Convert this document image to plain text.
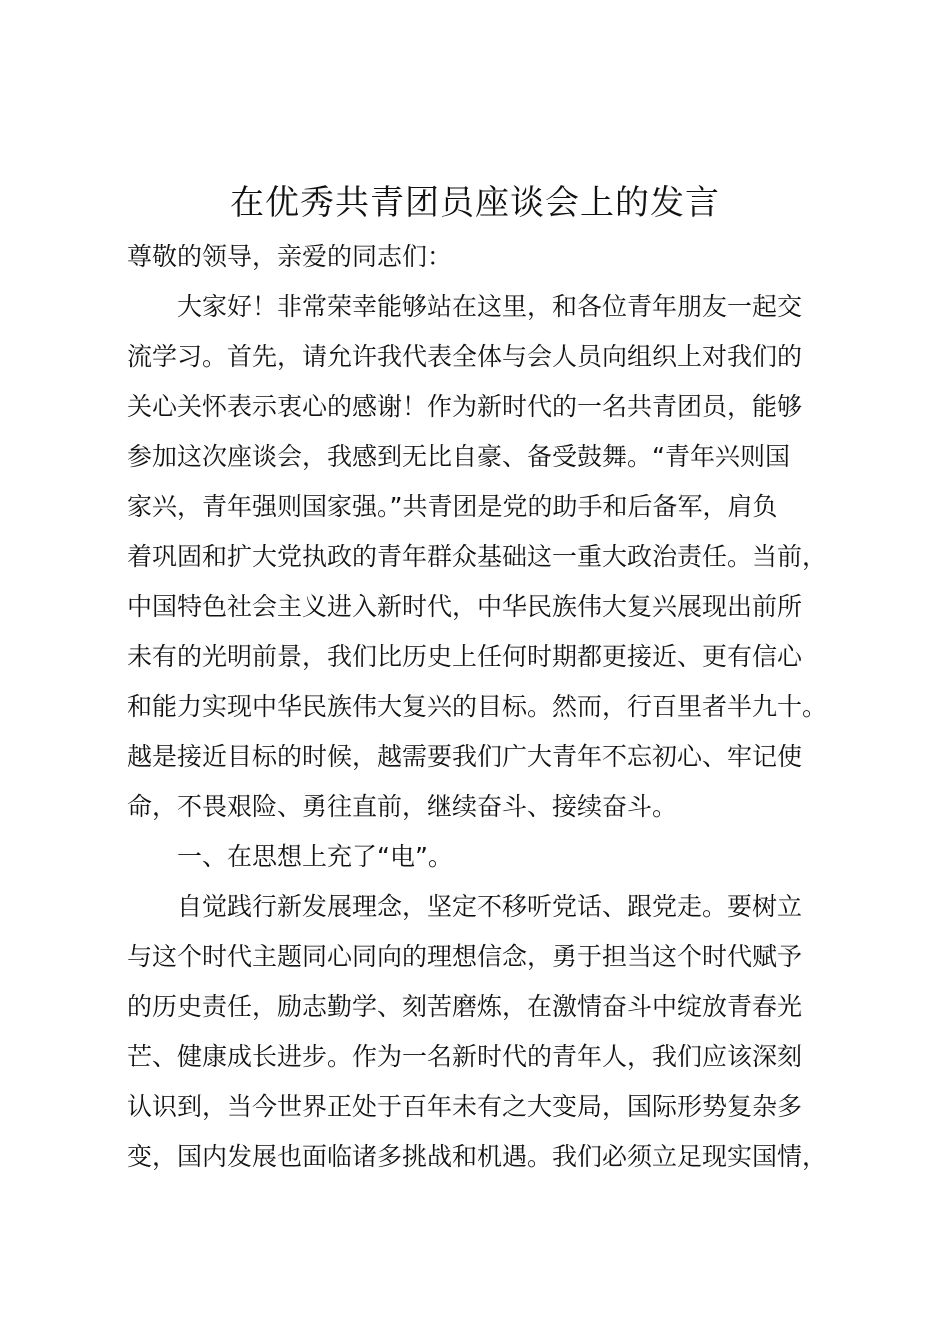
在优秀共青团员座谈会上的发言
尊敬的领导，亲爱的同志们：
大家好！非常荣幸能够站在这里，和各位青年朋友一起交
流学习。首先，请允许我代表全体与会人员向组织上对我们的
关心关怀表示衷心的感谢！作为新时代的一名共青团员，能够
参加这次座谈会，我感到无比自豪、备受鼓舞。“青年兴则国
家兴，青年强则国家强。”共青团是党的助手和后备军，肩负
着巩固和扩大党执政的青年群众基础这一重大政治责任。当前，
中国特色社会主义进入新时代，中华民族伟大复兴展现出前所
未有的光明前景，我们比历史上任何时期都更接近、更有信心
和能力实现中华民族伟大复兴的目标。然而，行百里者半九十。
越是接近目标的时候，越需要我们广大青年不忘初心、牢记使
命，不畏艰险、勇往直前，继续奋斗、接续奋斗。
一、在思想上充了“电”。
自觉践行新发展理念，坚定不移听党话、跟党走。要树立
与这个时代主题同心同向的理想信念，勇于担当这个时代赋予
的历史责任，励志勤学、刻苦磨炼，在激情奋斗中绽放青春光
芒、健康成长进步。作为一名新时代的青年人，我们应该深刻
认识到，当今世界正处于百年未有之大变局，国际形势复杂多
变，国内发展也面临诸多挑战和机遇。我们必须立足现实国情，
